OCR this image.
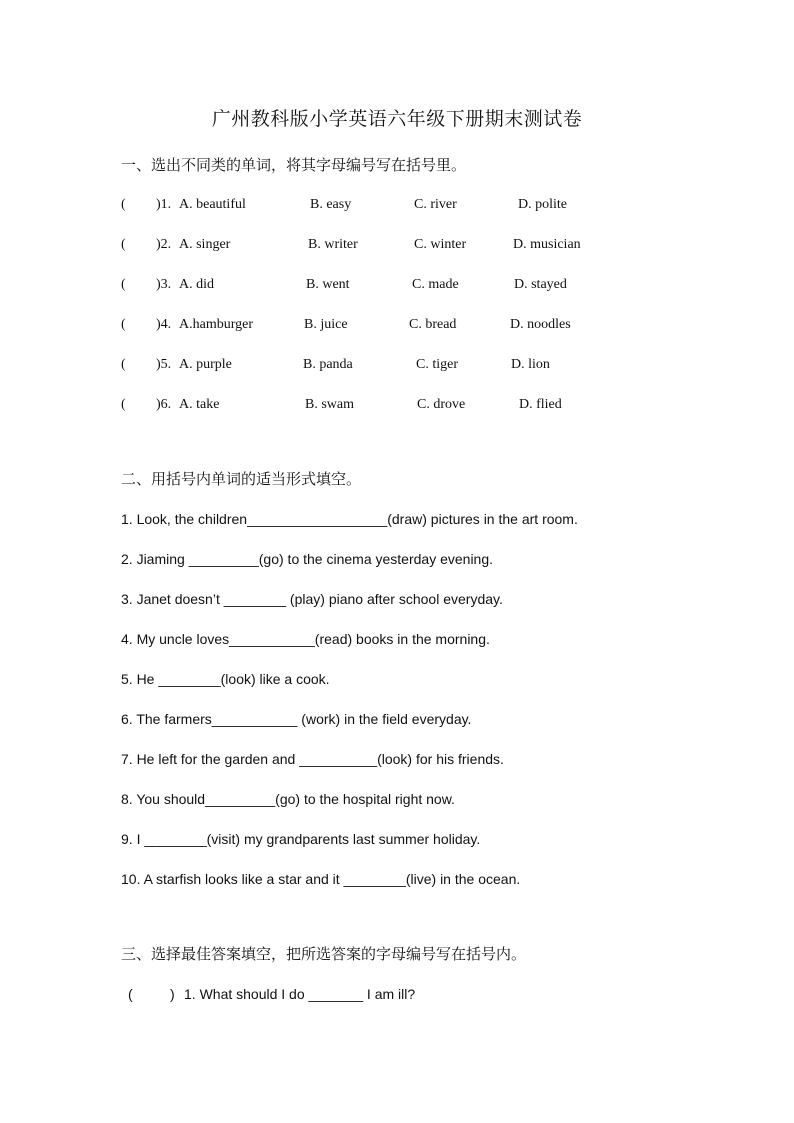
广州教科版小学英语六年级下册期末测试卷
一、选出不同类的单词，将其字母编号写在括号里。
( )1. A. beautiful	B. easy	C. river	D. polite
( )2. A. singer	B. writer	C. winter	D. musician
( )3. A. did	B. went	C. made	D. stayed
( )4. A.hamburger	B. juice	C. bread	D. noodles
( )5. A. purple	B. panda	C. tiger	D. lion
( )6. A. take	B. swam	C. drove	D. flied
二、用括号内单词的适当形式填空。
1. Look, the children__________________(draw) pictures in the art room.
2. Jiaming _________(go) to the cinema yesterday evening.
3. Janet doesn’t ________ (play) piano after school everyday.
4. My uncle loves___________(read) books in the morning.
5. He ________(look) like a cook.
6. The farmers___________ (work) in the field everyday.
7. He left for the garden and __________(look) for his friends.
8. You should_________(go) to the hospital right now.
9. I ________(visit) my grandparents last summer holiday.
10. A starfish looks like a star and it ________(live) in the ocean.
三、选择最佳答案填空，把所选答案的字母编号写在括号内。
(	) 1. What should I do _______ I am ill?
